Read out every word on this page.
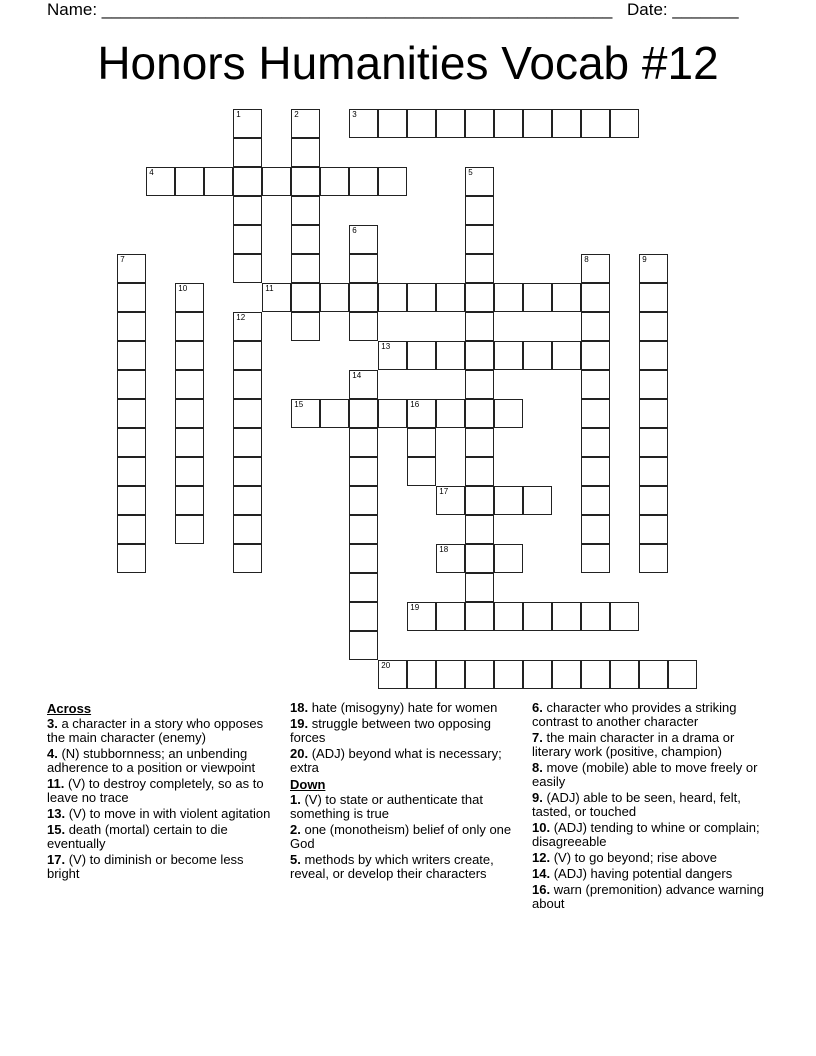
Name: ______________________________________________________ Date: _______
Honors Humanities Vocab #12
1	2	3
4	5
6
7	8	9
10	11
12
13
14
15	16
17
18
19
20
Across
3. a character in a story who opposes the main character (enemy)
4. (N) stubbornness; an unbending adherence to a position or viewpoint
11. (V) to destroy completely, so as to leave no trace
13. (V) to move in with violent agitation
15. death (mortal) certain to die eventually
17. (V) to diminish or become less bright
18. hate (misogyny) hate for women
19. struggle between two opposing forces
20. (ADJ) beyond what is necessary; extra
Down
1. (V) to state or authenticate that something is true
2. one (monotheism) belief of only one God
5. methods by which writers create, reveal, or develop their characters
6. character who provides a striking contrast to another character
7. the main character in a drama or literary work (positive, champion)
8. move (mobile) able to move freely or easily
9. (ADJ) able to be seen, heard, felt, tasted, or touched
10. (ADJ) tending to whine or complain; disagreeable
12. (V) to go beyond; rise above
14. (ADJ) having potential dangers
16. warn (premonition) advance warning about
